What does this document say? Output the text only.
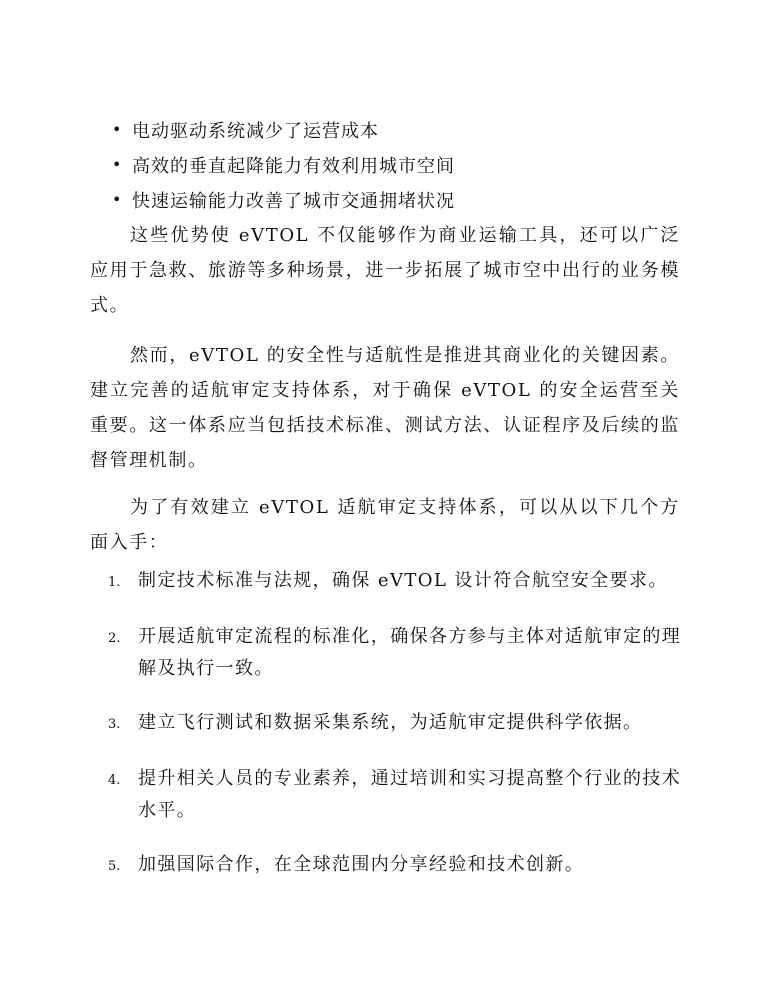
• 电动驱动系统减少了运营成本
• 高效的垂直起降能力有效利用城市空间
• 快速运输能力改善了城市交通拥堵状况

这些优势使 eVTOL 不仅能够作为商业运输工具，还可以广泛应用于急救、旅游等多种场景，进一步拓展了城市空中出行的业务模式。

然而，eVTOL 的安全性与适航性是推进其商业化的关键因素。建立完善的适航审定支持体系，对于确保 eVTOL 的安全运营至关重要。这一体系应当包括技术标准、测试方法、认证程序及后续的监督管理机制。

为了有效建立 eVTOL 适航审定支持体系，可以从以下几个方面入手：

1. 制定技术标准与法规，确保 eVTOL 设计符合航空安全要求。
2. 开展适航审定流程的标准化，确保各方参与主体对适航审定的理解及执行一致。
3. 建立飞行测试和数据采集系统，为适航审定提供科学依据。
4. 提升相关人员的专业素养，通过培训和实习提高整个行业的技术水平。
5. 加强国际合作，在全球范围内分享经验和技术创新。
